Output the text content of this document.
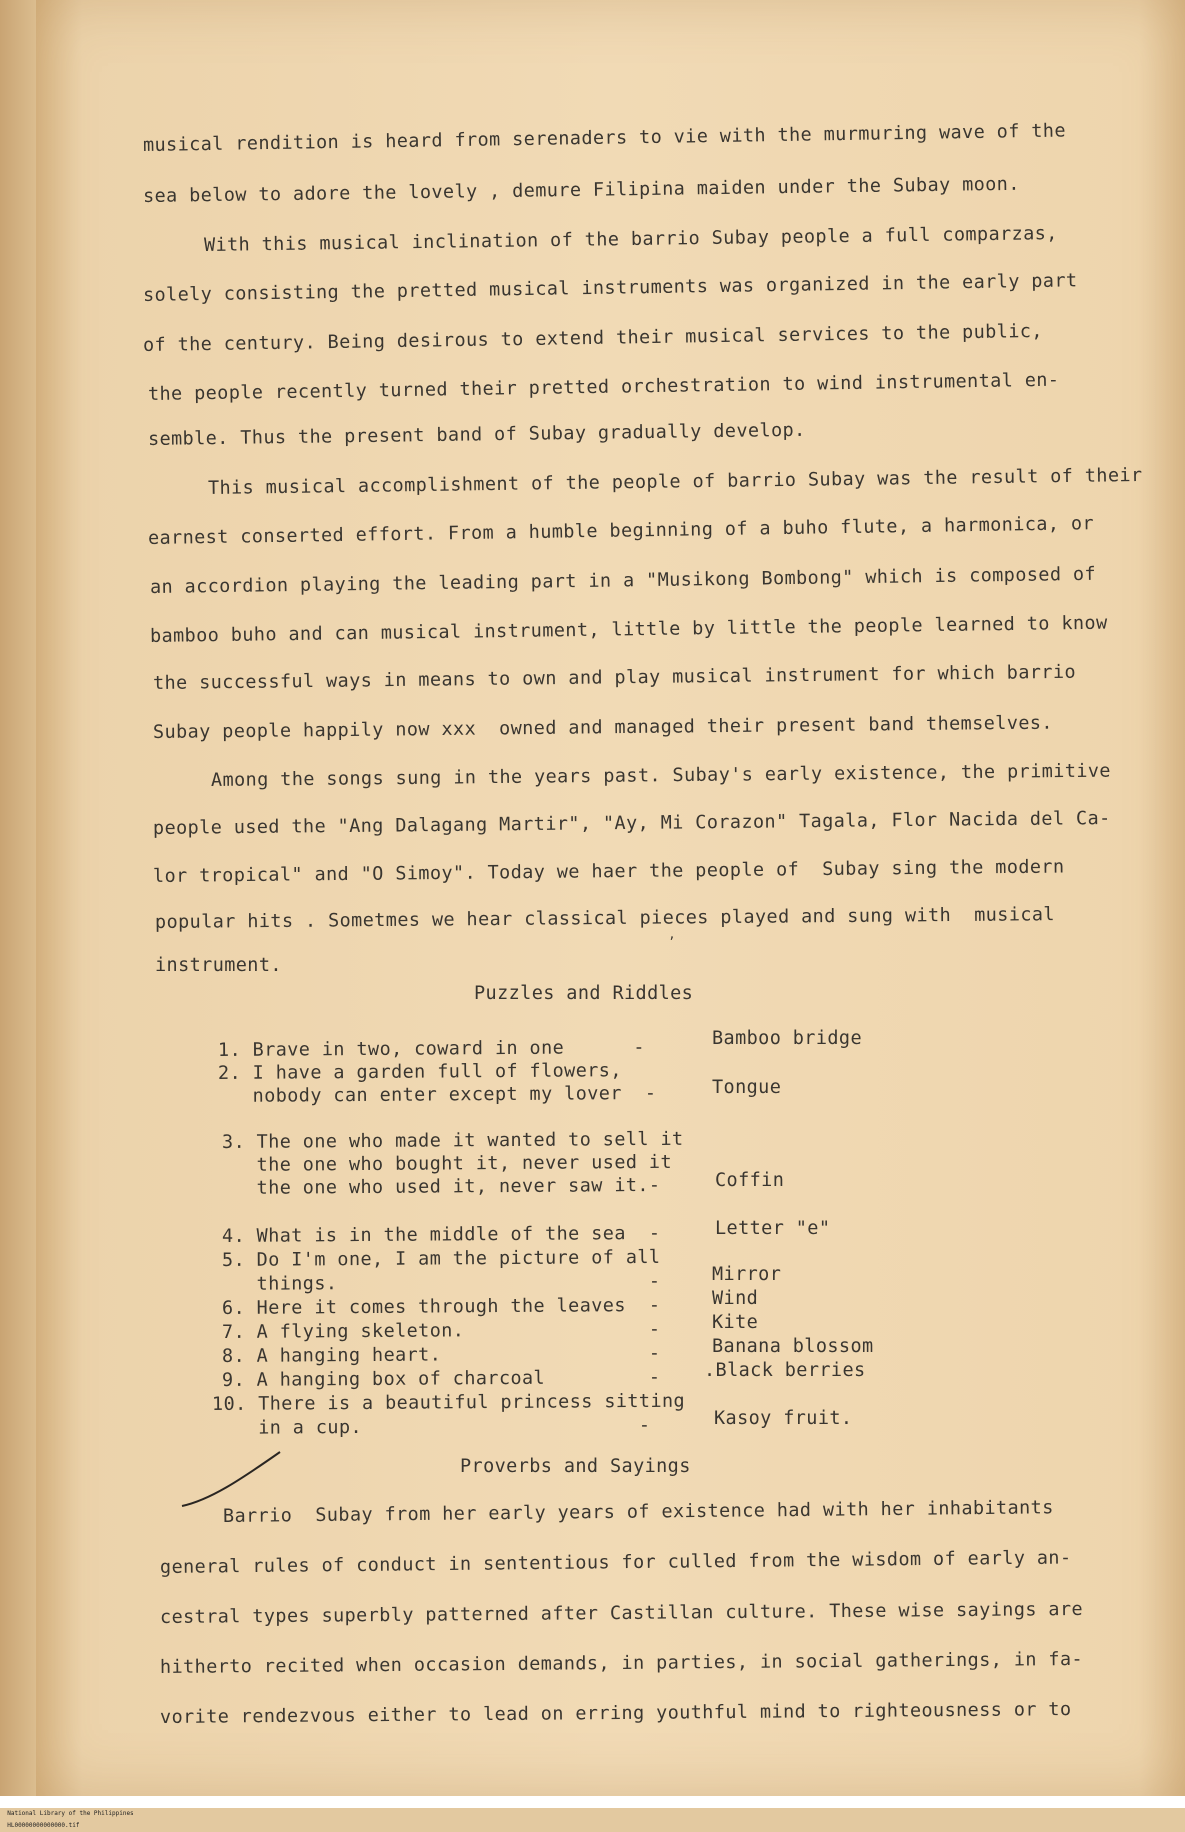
musical rendition is heard from serenaders to vie with the murmuring wave of the
sea below to adore the lovely , demure Filipina maiden under the Subay moon.
With this musical inclination of the barrio Subay people a full comparzas,
solely consisting the pretted musical instruments was organized in the early part
of the century. Being desirous to extend their musical services to the public,
the people recently turned their pretted orchestration to wind instrumental en-
semble. Thus the present band of Subay gradually develop.
This musical accomplishment of the people of barrio Subay was the result of their
earnest conserted effort. From a humble beginning of a buho flute, a harmonica, or
an accordion playing the leading part in a "Musikong Bombong" which is composed of
bamboo buho and can musical instrument, little by little the people learned to know
the successful ways in means to own and play musical instrument for which barrio
Subay people happily now xxx  owned and managed their present band themselves.
Among the songs sung in the years past. Subay's early existence, the primitive
people used the "Ang Dalagang Martir", "Ay, Mi Corazon" Tagala, Flor Nacida del Ca-
lor tropical" and "O Simoy". Today we haer the people of  Subay sing the modern
popular hits . Sometmes we hear classical pieces played and sung with  musical
instrument.
ʼ
Puzzles and Riddles
1. Brave in two, coward in one      -	Bamboo bridge
2. I have a garden full of flowers,
nobody can enter except my lover  -	Tongue
3. The one who made it wanted to sell it
the one who bought it, never used it
the one who used it, never saw it.-	Coffin
4. What is in the middle of the sea  -	Letter "e"
5. Do I'm one, I am the picture of all
things.                           -	Mirror
6. Here it comes through the leaves  -	Wind
7. A flying skeleton.                -	Kite
8. A hanging heart.                  -	Banana blossom
9. A hanging box of charcoal         - .Black berries
10. There is a beautiful princess sitting
in a cup.                        -	Kasoy fruit.
Proverbs and Sayings
Barrio  Subay from her early years of existence had with her inhabitants
general rules of conduct in sententious for culled from the wisdom of early an-
cestral types superbly patterned after Castillan culture. These wise sayings are
hitherto recited when occasion demands, in parties, in social gatherings, in fa-
vorite rendezvous either to lead on erring youthful mind to righteousness or to

National Library of the Philippines
HL00000000000000.tif
